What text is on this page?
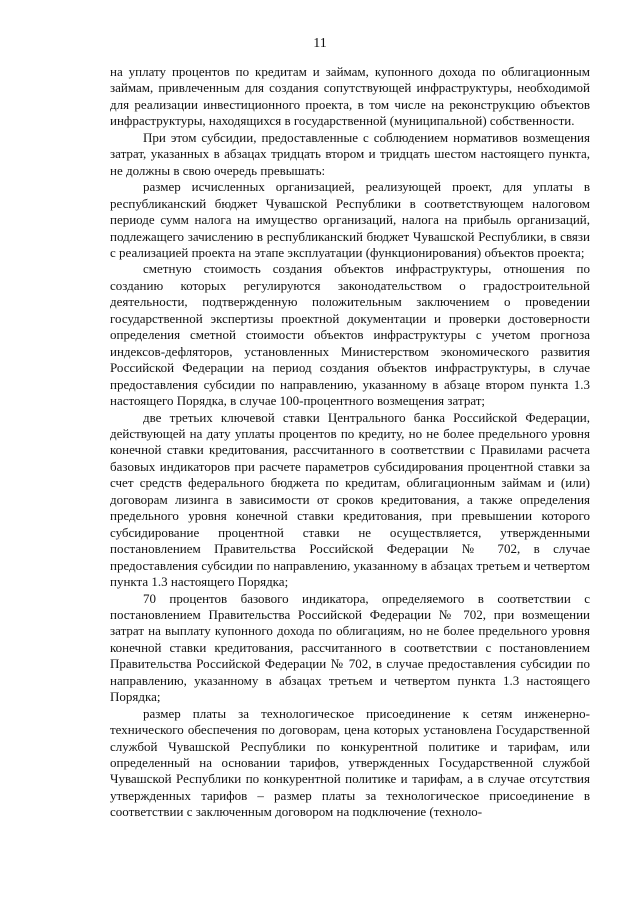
11

на уплату процентов по кредитам и займам, купонного дохода по облигационным займам, привлеченным для создания сопутствующей инфраструктуры, необходимой для реализации инвестиционного проекта, в том числе на реконструкцию объектов инфраструктуры, находящихся в государственной (муниципальной) собственности.

При этом субсидии, предоставленные с соблюдением нормативов возмещения затрат, указанных в абзацах тридцать втором и тридцать шестом настоящего пункта, не должны в свою очередь превышать:

размер исчисленных организацией, реализующей проект, для уплаты в республиканский бюджет Чувашской Республики в соответствующем налоговом периоде сумм налога на имущество организаций, налога на прибыль организаций, подлежащего зачислению в республиканский бюджет Чувашской Республики, в связи с реализацией проекта на этапе эксплуатации (функционирования) объектов проекта;

сметную стоимость создания объектов инфраструктуры, отношения по созданию которых регулируются законодательством о градостроительной деятельности, подтвержденную положительным заключением о проведении государственной экспертизы проектной документации и проверки достоверности определения сметной стоимости объектов инфраструктуры с учетом прогноза индексов-дефляторов, установленных Министерством экономического развития Российской Федерации на период создания объектов инфраструктуры, в случае предоставления субсидии по направлению, указанному в абзаце втором пункта 1.3 настоящего Порядка, в случае 100-процентного возмещения затрат;

две третьих ключевой ставки Центрального банка Российской Федерации, действующей на дату уплаты процентов по кредиту, но не более предельного уровня конечной ставки кредитования, рассчитанного в соответствии с Правилами расчета базовых индикаторов при расчете параметров субсидирования процентной ставки за счет средств федерального бюджета по кредитам, облигационным займам и (или) договорам лизинга в зависимости от сроков кредитования, а также определения предельного уровня конечной ставки кредитования, при превышении которого субсидирование процентной ставки не осуществляется, утвержденными постановлением Правительства Российской Федерации № 702, в случае предоставления субсидии по направлению, указанному в абзацах третьем и четвертом пункта 1.3 настоящего Порядка;

70 процентов базового индикатора, определяемого в соответствии с постановлением Правительства Российской Федерации № 702, при возмещении затрат на выплату купонного дохода по облигациям, но не более предельного уровня конечной ставки кредитования, рассчитанного в соответствии с постановлением Правительства Российской Федерации № 702, в случае предоставления субсидии по направлению, указанному в абзацах третьем и четвертом пункта 1.3 настоящего Порядка;

размер платы за технологическое присоединение к сетям инженерно-технического обеспечения по договорам, цена которых установлена Государственной службой Чувашской Республики по конкурентной политике и тарифам, или определенный на основании тарифов, утвержденных Государственной службой Чувашской Республики по конкурентной политике и тарифам, а в случае отсутствия утвержденных тарифов – размер платы за технологическое присоединение в соответствии с заключенным договором на подключение (техноло-
